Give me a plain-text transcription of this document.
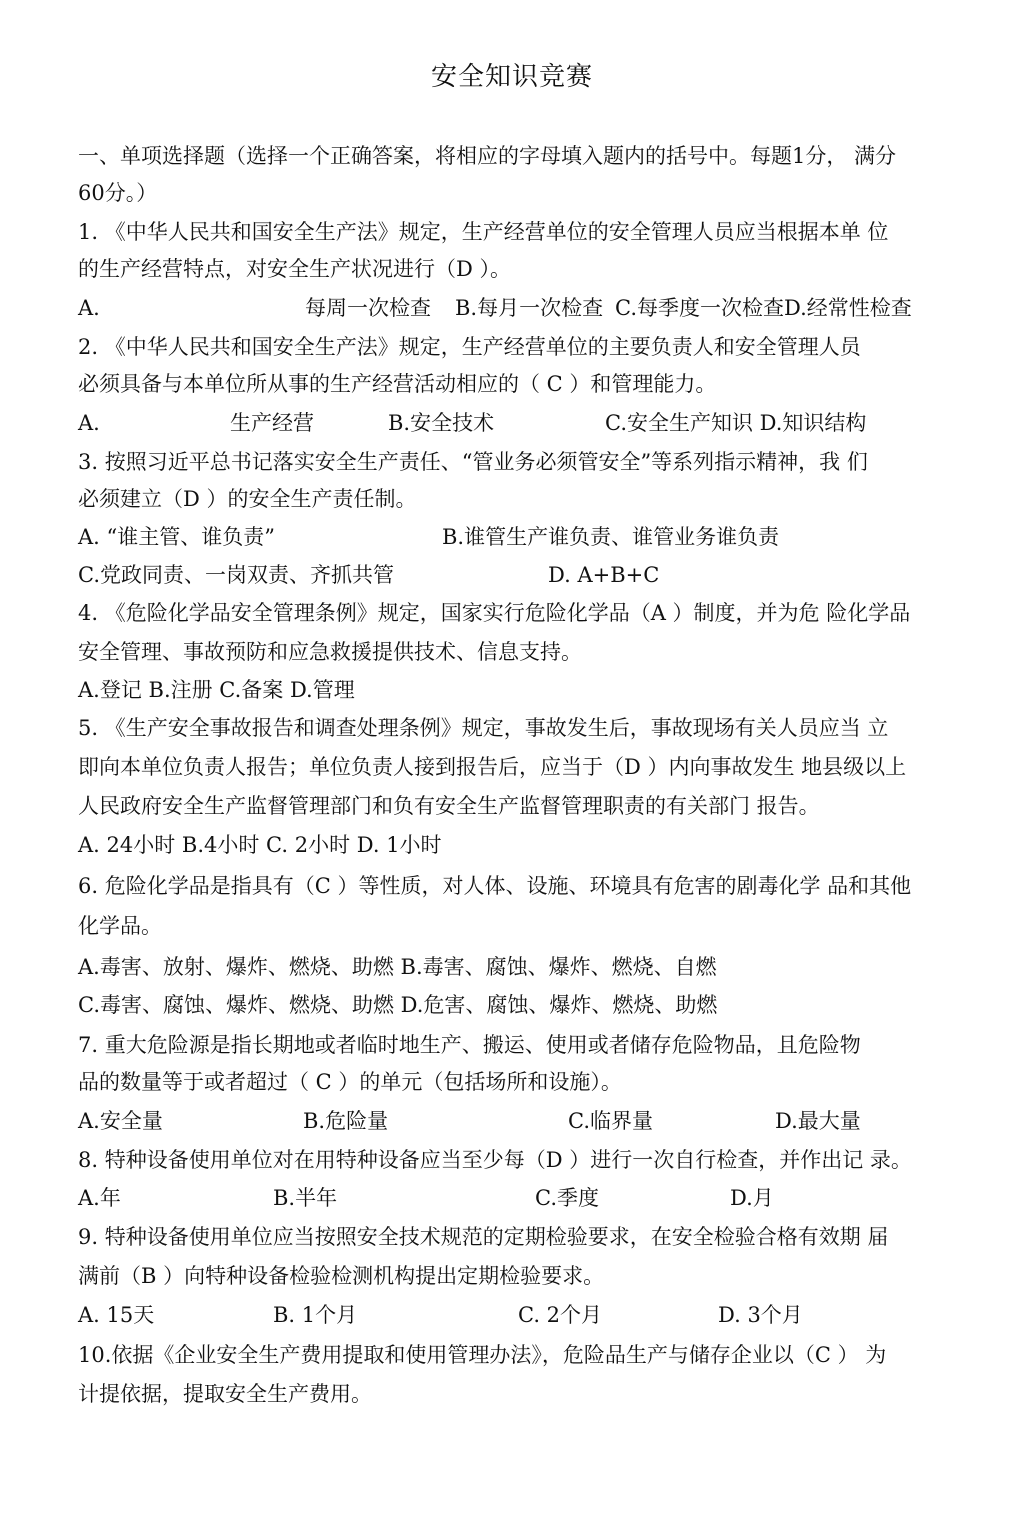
安全知识竞赛
一、单项选择题（选择一个正确答案，将相应的字母填入题内的括号中。每题1分， 满分
60分。）
1. 《中华人民共和国安全生产法》规定，生产经营单位的安全管理人员应当根据本单 位
的生产经营特点，对安全生产状况进行（D ）。
A.	每周一次检查 B.每月一次检查 C.每季度一次检查D.经常性检查
2. 《中华人民共和国安全生产法》规定，生产经营单位的主要负责人和安全管理人员
必须具备与本单位所从事的生产经营活动相应的（ C ）和管理能力。
A.	生产经营	B.安全技术	C.安全生产知识 D.知识结构
3. 按照习近平总书记落实安全生产责任、“管业务必须管安全”等系列指示精神，我 们
必须建立（D ）的安全生产责任制。
A. “谁主管、谁负责”	B.谁管生产谁负责、谁管业务谁负责
C.党政同责、一岗双责、齐抓共管	D. A+B+C
4. 《危险化学品安全管理条例》规定，国家实行危险化学品（A ）制度，并为危 险化学品
安全管理、事故预防和应急救援提供技术、信息支持。
A.登记 B.注册 C.备案 D.管理
5. 《生产安全事故报告和调查处理条例》规定，事故发生后，事故现场有关人员应当 立
即向本单位负责人报告；单位负责人接到报告后，应当于（D ）内向事故发生 地县级以上
人民政府安全生产监督管理部门和负有安全生产监督管理职责的有关部门 报告。
A. 24小时 B.4小时 C. 2小时 D. 1小时
6. 危险化学品是指具有（C ）等性质，对人体、设施、环境具有危害的剧毒化学 品和其他
化学品。
A.毒害、放射、爆炸、燃烧、助燃 B.毒害、腐蚀、爆炸、燃烧、自燃
C.毒害、腐蚀、爆炸、燃烧、助燃 D.危害、腐蚀、爆炸、燃烧、助燃
7. 重大危险源是指长期地或者临时地生产、搬运、使用或者储存危险物品，且危险物
品的数量等于或者超过（ C ）的单元（包括场所和设施）。
A.安全量	B.危险量	C.临界量	D.最大量
8. 特种设备使用单位对在用特种设备应当至少每（D ）进行一次自行检查，并作出记 录。
A.年	B.半年	C.季度	D.月
9. 特种设备使用单位应当按照安全技术规范的定期检验要求，在安全检验合格有效期 届
满前（B ）向特种设备检验检测机构提出定期检验要求。
A. 15天	B. 1个月	C. 2个月	D. 3个月
10.依据《企业安全生产费用提取和使用管理办法》，危险品生产与储存企业以（C ） 为
计提依据，提取安全生产费用。
